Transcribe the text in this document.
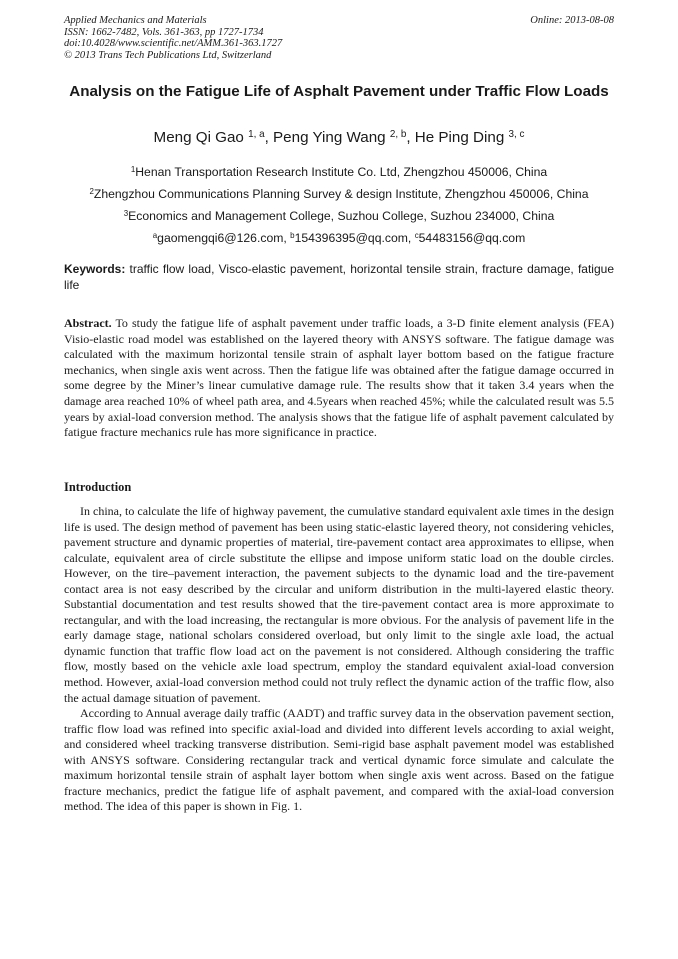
Applied Mechanics and Materials
ISSN: 1662-7482, Vols. 361-363, pp 1727-1734
doi:10.4028/www.scientific.net/AMM.361-363.1727
© 2013 Trans Tech Publications Ltd, Switzerland
Online: 2013-08-08
Analysis on the Fatigue Life of Asphalt Pavement under Traffic Flow Loads
Meng Qi Gao $^{1, a}$, Peng Ying Wang $^{2, b}$, He Ping Ding $^{3, c}$
$^1$Henan Transportation Research Institute Co. Ltd, Zhengzhou 450006, China
$^2$Zhengzhou Communications Planning Survey & design Institute, Zhengzhou 450006, China
$^3$Economics and Management College, Suzhou College, Suzhou 234000, China
$^a$gaomengqi6@126.com, $^b$154396395@qq.com, $^c$54483156@qq.com
Keywords: traffic flow load, Visco-elastic pavement, horizontal tensile strain, fracture damage, fatigue life

Abstract. To study the fatigue life of asphalt pavement under traffic loads, a 3-D finite element analysis (FEA) Visio-elastic road model was established on the layered theory with ANSYS software. The fatigue damage was calculated with the maximum horizontal tensile strain of asphalt layer bottom based on the fatigue fracture mechanics, when single axis went across. Then the fatigue life was obtained after the fatigue damage occurred in some degree by the Miner’s linear cumulative damage rule. The results show that it taken 3.4 years when the damage area reached 10% of wheel path area, and 4.5years when reached 45%; while the calculated result was 5.5 years by axial-load conversion method. The analysis shows that the fatigue life of asphalt pavement calculated by fatigue fracture mechanics rule has more significance in practice.

Introduction

In china, to calculate the life of highway pavement, the cumulative standard equivalent axle times in the design life is used. The design method of pavement has been using static-elastic layered theory, not considering vehicles, pavement structure and dynamic properties of material, tire-pavement contact area approximates to ellipse, when calculate, equivalent area of circle substitute the ellipse and impose uniform static load on the double circles. However, on the tire–pavement interaction, the pavement subjects to the dynamic load and the tire-pavement contact area is not easy described by the circular and uniform distribution in the multi-layered elastic theory. Substantial documentation and test results showed that the tire-pavement contact area is more approximate to rectangular, and with the load increasing, the rectangular is more obvious. For the analysis of pavement life in the early damage stage, national scholars considered overload, but only limit to the single axle load, the actual dynamic function that traffic flow load act on the pavement is not considered. Although considering the traffic flow, mostly based on the vehicle axle load spectrum, employ the standard equivalent axial-load conversion method. However, axial-load conversion method could not truly reflect the dynamic action of the traffic flow, also the actual damage situation of pavement.

According to Annual average daily traffic (AADT) and traffic survey data in the observation pavement section, traffic flow load was refined into specific axial-load and divided into different levels according to axial weight, and considered wheel tracking transverse distribution. Semi-rigid base asphalt pavement model was established with ANSYS software. Considering rectangular track and vertical dynamic force simulate and calculate the maximum horizontal tensile strain of asphalt layer bottom when single axis went across. Based on the fatigue fracture mechanics, predict the fatigue life of asphalt pavement, and compared with the axial-load conversion method. The idea of this paper is shown in Fig. 1.
